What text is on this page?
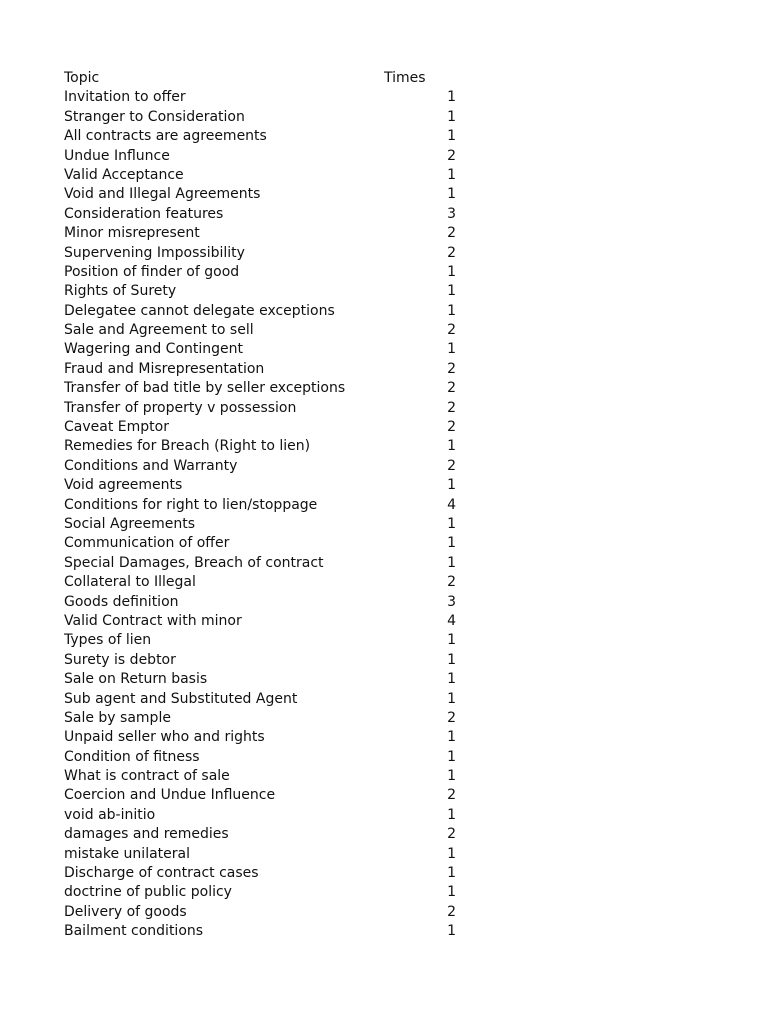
Topic	Times
Invitation to offer	1
Stranger to Consideration	1
All contracts are agreements	1
Undue Influnce	2
Valid Acceptance	1
Void and Illegal Agreements	1
Consideration features	3
Minor misrepresent	2
Supervening Impossibility	2
Position of finder of good	1
Rights of Surety	1
Delegatee cannot delegate exceptions	1
Sale and Agreement to sell	2
Wagering and Contingent	1
Fraud and Misrepresentation	2
Transfer of bad title by seller exceptions	2
Transfer of property v possession	2
Caveat Emptor	2
Remedies for Breach (Right to lien)	1
Conditions and Warranty	2
Void agreements	1
Conditions for right to lien/stoppage	4
Social Agreements	1
Communication of offer	1
Special Damages, Breach of contract	1
Collateral to Illegal	2
Goods definition	3
Valid Contract with minor	4
Types of lien	1
Surety is debtor	1
Sale on Return basis	1
Sub agent and Substituted Agent	1
Sale by sample	2
Unpaid seller who and rights	1
Condition of fitness	1
What is contract of sale	1
Coercion and Undue Influence	2
void ab-initio	1
damages and remedies	2
mistake unilateral	1
Discharge of contract cases	1
doctrine of public policy	1
Delivery of goods	2
Bailment conditions	1
